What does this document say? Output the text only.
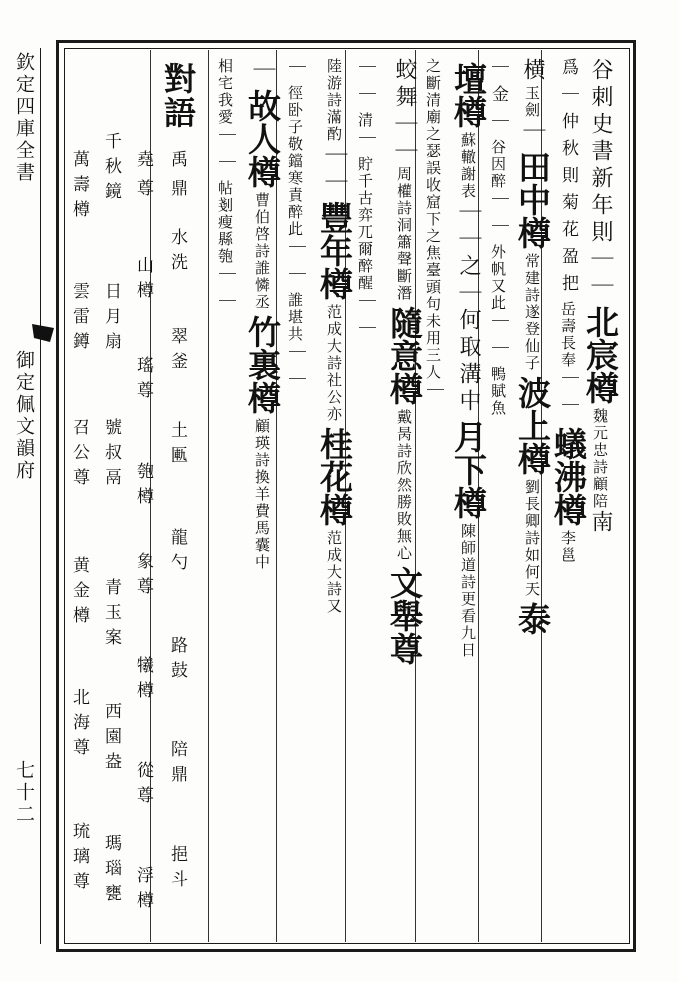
欽定四庫全書
御定佩文韻府
七十二
谷刺史書新年則｜｜北宸樽魏元忠詩顧陪南
爲｜仲秋則菊花盈把岳壽長奉｜｜蟻沸樽李邕
横玉劍｜田中樽常建詩遂登仙子波上樽劉長卿詩如何天泰
｜金｜谷因醉｜｜外帆又此｜｜鴨賦魚
壇樽蘇轍謝表｜｜之｜何取溝中月下樽陳師道詩更看九日
之斷清廟之瑟誤收窟下之焦臺頭句未用三人｜
蛟舞｜｜周權詩洞簫聲斷潛隨意樽戴昺詩欣然勝敗無心文舉尊
｜｜清｜貯千古弈兀爾醉醒｜｜
陸游詩滿酌｜｜豐年樽范成大詩社公亦桂花樽范成大詩又
｜徑卧子敬鐺寒責醉此｜｜誰堪共｜｜
｜故人樽曹伯啓詩誰憐丞竹裏樽顧瑛詩換羊費馬囊中
相宅我愛｜｜帖剗瘦縣匏｜｜
對語
禹鼎
水洗
翠釜
土匭
龍勺
路鼓
陪鼎
挹斗
堯尊
山樽
瑤尊
匏樽
象尊
犧樽
從尊
浮樽
千秋鏡
日月扇
號叔鬲
青玉案
西園盎
瑪瑙甕
萬壽樽
雲雷鐏
召公尊
黄金樽
北海尊
琉璃尊
